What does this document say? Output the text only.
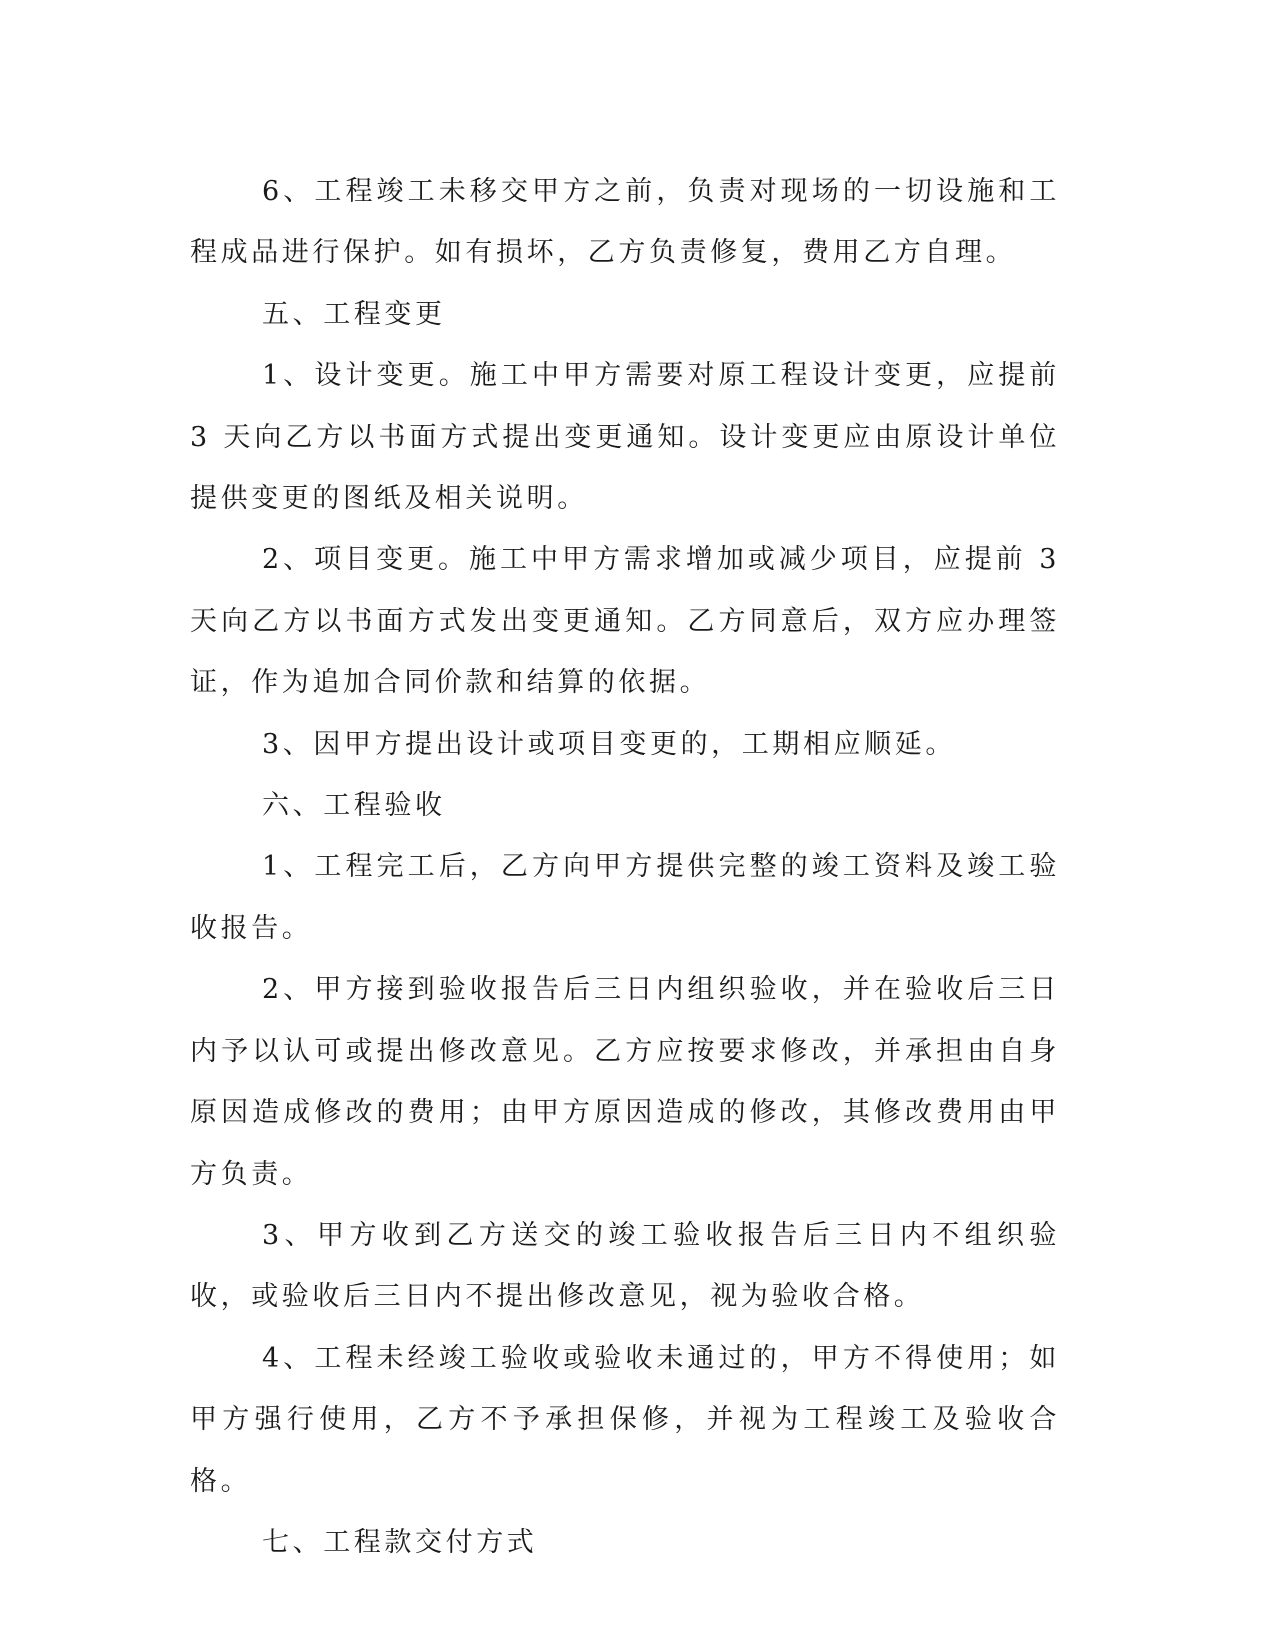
6、工程竣工未移交甲方之前，负责对现场的一切设施和工程成品进行保护。如有损坏，乙方负责修复，费用乙方自理。

五、工程变更

1、设计变更。施工中甲方需要对原工程设计变更，应提前 3 天向乙方以书面方式提出变更通知。设计变更应由原设计单位提供变更的图纸及相关说明。

2、项目变更。施工中甲方需求增加或减少项目，应提前 3 天向乙方以书面方式发出变更通知。乙方同意后，双方应办理签证，作为追加合同价款和结算的依据。

3、因甲方提出设计或项目变更的，工期相应顺延。

六、工程验收

1、工程完工后，乙方向甲方提供完整的竣工资料及竣工验收报告。

2、甲方接到验收报告后三日内组织验收，并在验收后三日内予以认可或提出修改意见。乙方应按要求修改，并承担由自身原因造成修改的费用；由甲方原因造成的修改，其修改费用由甲方负责。

3、甲方收到乙方送交的竣工验收报告后三日内不组织验收，或验收后三日内不提出修改意见，视为验收合格。

4、工程未经竣工验收或验收未通过的，甲方不得使用；如甲方强行使用，乙方不予承担保修，并视为工程竣工及验收合格。

七、工程款交付方式
